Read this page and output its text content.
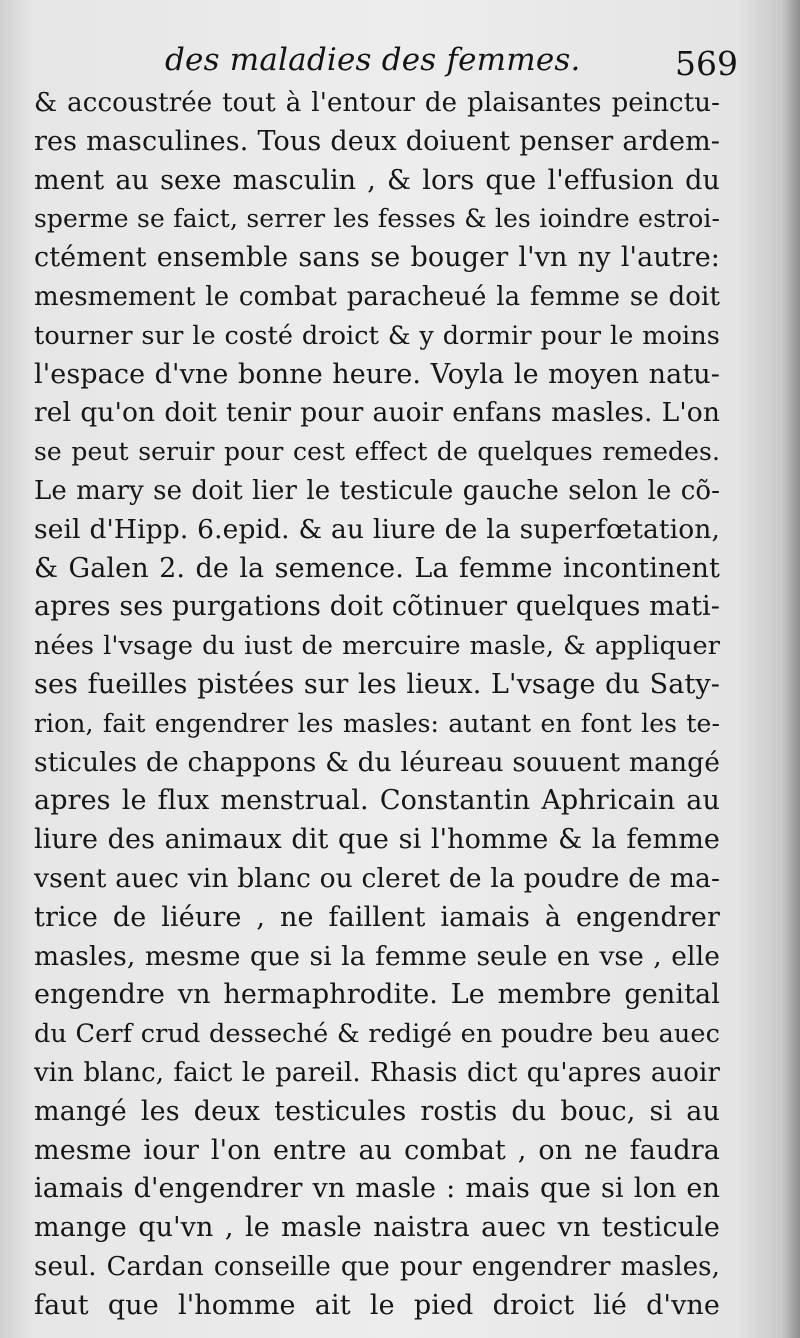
des maladies des femmes.	569
& accoustrée tout à l'entour de plaisantes peinctu-
res masculines. Tous deux doiuent penser ardem-
ment au sexe masculin , & lors que l'effusion du
sperme se faict, serrer les fesses & les ioindre estroi-
ctément ensemble sans se bouger l'vn ny l'autre:
mesmement le combat paracheué la femme se doit
tourner sur le costé droict & y dormir pour le moins
l'espace d'vne bonne heure. Voyla le moyen natu-
rel qu'on doit tenir pour auoir enfans masles. L'on
se peut seruir pour cest effect de quelques remedes.
Le mary se doit lier le testicule gauche selon le cõ-
seil d'Hipp. 6.epid. & au liure de la superfœtation,
& Galen 2. de la semence. La femme incontinent
apres ses purgations doit cõtinuer quelques mati-
nées l'vsage du iust de mercuire masle, & appliquer
ses fueilles pistées sur les lieux. L'vsage du Saty-
rion, fait engendrer les masles: autant en font les te-
sticules de chappons & du léureau souuent mangé
apres le flux menstrual. Constantin Aphricain au
liure des animaux dit que si l'homme & la femme
vsent auec vin blanc ou cleret de la poudre de ma-
trice de liéure , ne faillent iamais à engendrer
masles, mesme que si la femme seule en vse , elle
engendre vn hermaphrodite. Le membre genital
du Cerf crud desseché & redigé en poudre beu auec
vin blanc, faict le pareil. Rhasis dict qu'apres auoir
mangé les deux testicules rostis du bouc, si au
mesme iour l'on entre au combat , on ne faudra
iamais d'engendrer vn masle : mais que si lon en
mange qu'vn , le masle naistra auec vn testicule
seul. Cardan conseille que pour engendrer masles,
faut que l'homme ait le pied droict lié d'vne
